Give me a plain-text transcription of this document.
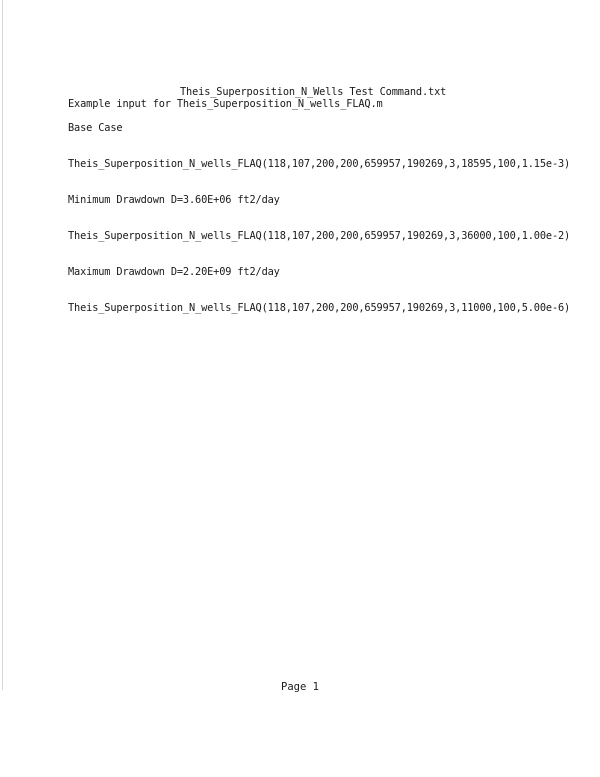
Theis_Superposition_N_Wells Test Command.txt
Example input for Theis_Superposition_N_wells_FLAQ.m
Base Case
Theis_Superposition_N_wells_FLAQ(118,107,200,200,659957,190269,3,18595,100,1.15e-3)
Minimum Drawdown D=3.60E+06 ft2/day
Theis_Superposition_N_wells_FLAQ(118,107,200,200,659957,190269,3,36000,100,1.00e-2)
Maximum Drawdown D=2.20E+09 ft2/day
Theis_Superposition_N_wells_FLAQ(118,107,200,200,659957,190269,3,11000,100,5.00e-6)
Page 1
